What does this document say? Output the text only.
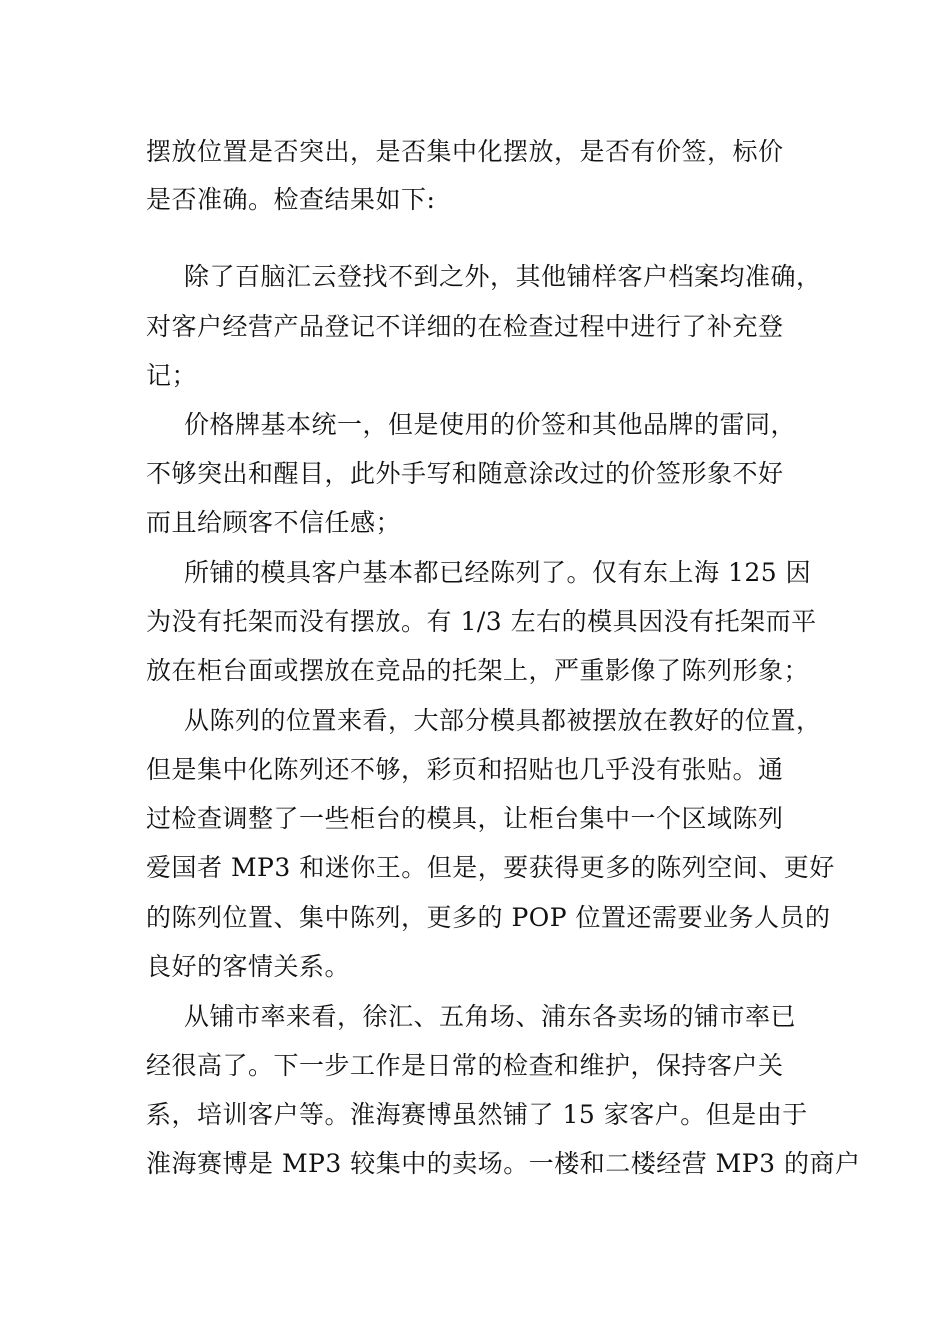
摆放位置是否突出，是否集中化摆放，是否有价签，标价
是否准确。检查结果如下:
除了百脑汇云登找不到之外，其他铺样客户档案均准确，
对客户经营产品登记不详细的在检查过程中进行了补充登
记；
价格牌基本统一，但是使用的价签和其他品牌的雷同，
不够突出和醒目，此外手写和随意涂改过的价签形象不好
而且给顾客不信任感；
所铺的模具客户基本都已经陈列了。仅有东上海 125 因
为没有托架而没有摆放。有 1/3 左右的模具因没有托架而平
放在柜台面或摆放在竞品的托架上，严重影像了陈列形象；
从陈列的位置来看，大部分模具都被摆放在教好的位置，
但是集中化陈列还不够，彩页和招贴也几乎没有张贴。通
过检查调整了一些柜台的模具，让柜台集中一个区域陈列
爱国者 MP3 和迷你王。但是，要获得更多的陈列空间、更好
的陈列位置、集中陈列，更多的 POP 位置还需要业务人员的
良好的客情关系。
从铺市率来看，徐汇、五角场、浦东各卖场的铺市率已
经很高了。下一步工作是日常的检查和维护，保持客户关
系，培训客户等。淮海赛博虽然铺了 15 家客户。但是由于
淮海赛博是 MP3 较集中的卖场。一楼和二楼经营 MP3 的商户
